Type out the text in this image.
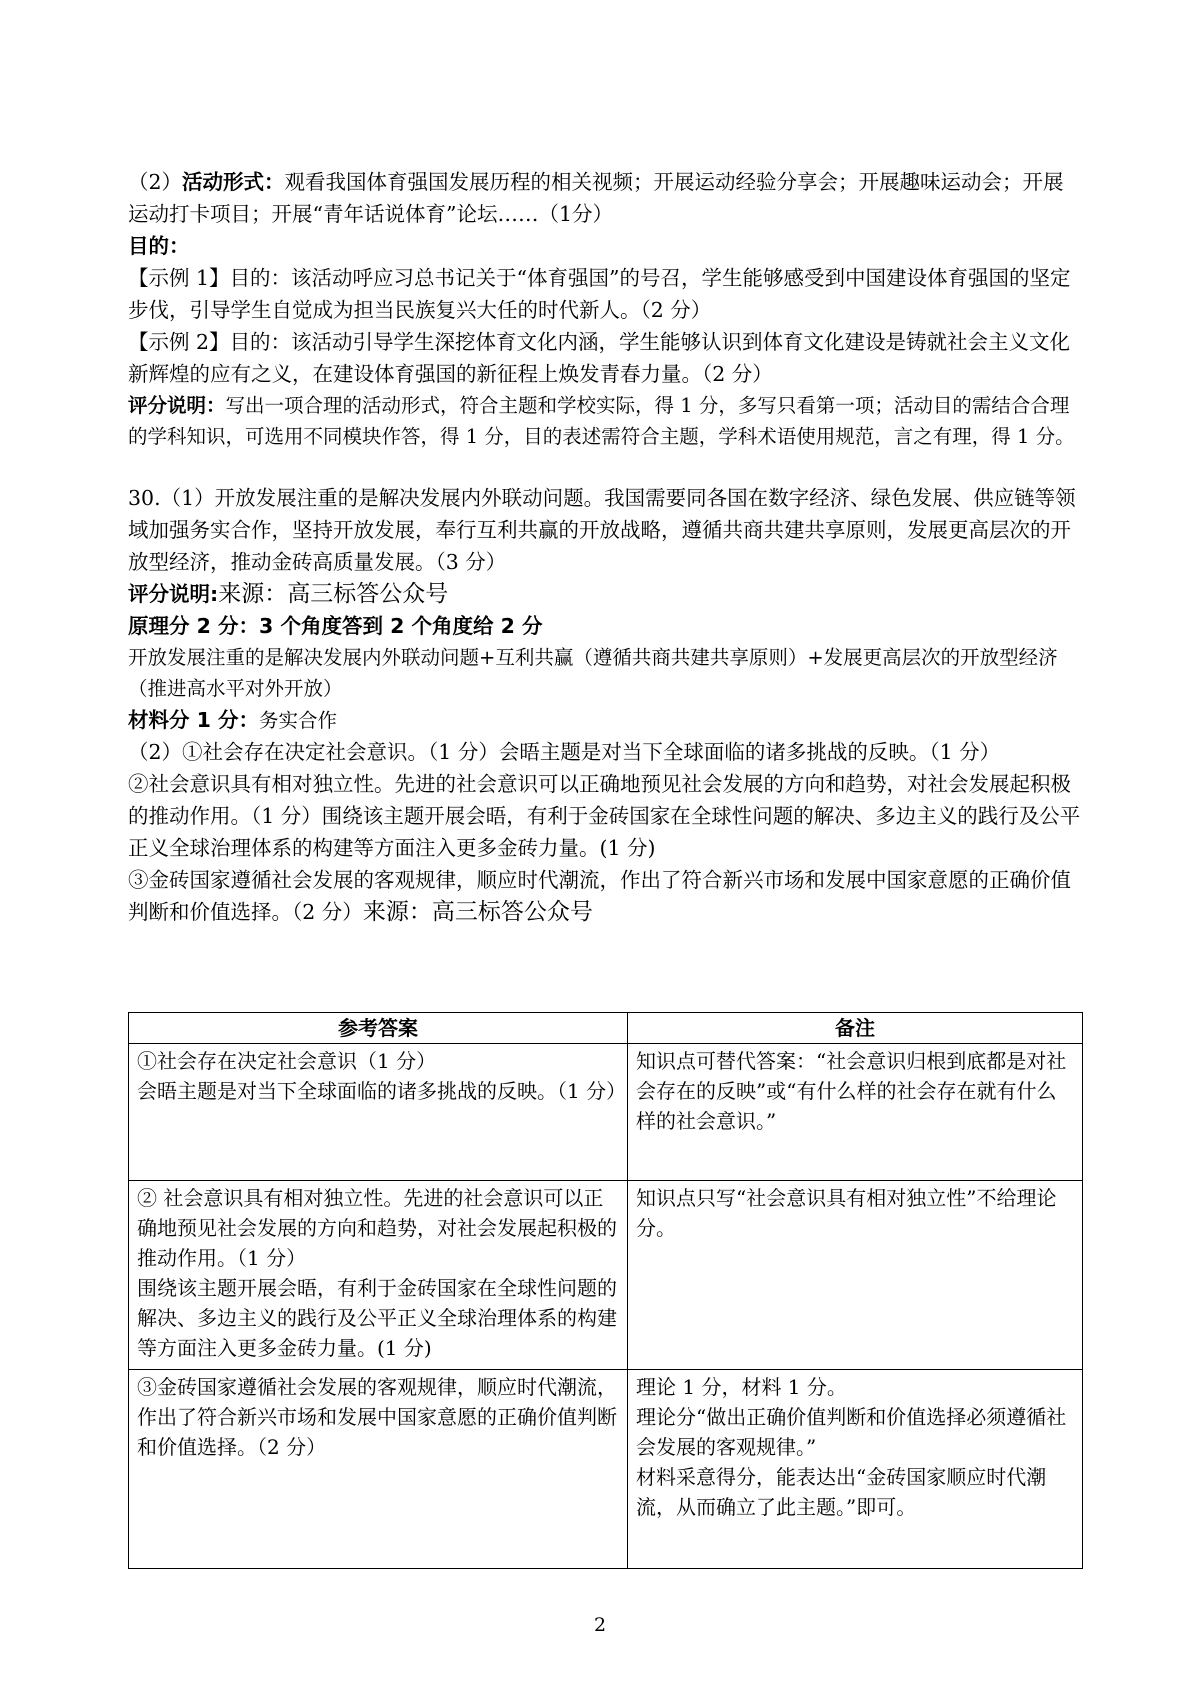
（2）活动形式：观看我国体育强国发展历程的相关视频；开展运动经验分享会；开展趣味运动会；开展运动打卡项目；开展“青年话说体育”论坛……（1分）

目的：

【示例 1】目的：该活动呼应习总书记关于“体育强国”的号召，学生能够感受到中国建设体育强国的坚定步伐，引导学生自觉成为担当民族复兴大任的时代新人。（2 分）

【示例 2】目的：该活动引导学生深挖体育文化内涵，学生能够认识到体育文化建设是铸就社会主义文化新辉煌的应有之义，在建设体育强国的新征程上焕发青春力量。（2 分）

评分说明：写出一项合理的活动形式，符合主题和学校实际，得 1 分，多写只看第一项；活动目的需结合合理的学科知识，可选用不同模块作答，得 1 分，目的表述需符合主题，学科术语使用规范，言之有理，得 1 分。

30.（1）开放发展注重的是解决发展内外联动问题。我国需要同各国在数字经济、绿色发展、供应链等领域加强务实合作，坚持开放发展，奉行互利共赢的开放战略，遵循共商共建共享原则，发展更高层次的开放型经济，推动金砖高质量发展。（3 分）

评分说明:来源：高三标答公众号

原理分 2 分：3 个角度答到 2 个角度给 2 分

开放发展注重的是解决发展内外联动问题+互利共赢（遵循共商共建共享原则）+发展更高层次的开放型经济（推进高水平对外开放）

材料分 1 分：务实合作

（2）①社会存在决定社会意识。（1 分）会晤主题是对当下全球面临的诸多挑战的反映。（1 分）

②社会意识具有相对独立性。先进的社会意识可以正确地预见社会发展的方向和趋势，对社会发展起积极的推动作用。（1 分）围绕该主题开展会晤，有利于金砖国家在全球性问题的解决、多边主义的践行及公平正义全球治理体系的构建等方面注入更多金砖力量。(1 分)

③金砖国家遵循社会发展的客观规律，顺应时代潮流，作出了符合新兴市场和发展中国家意愿的正确价值判断和价值选择。（2 分）来源：高三标答公众号

参考答案	备注

①社会存在决定社会意识（1 分）
会晤主题是对当下全球面临的诸多挑战的反映。（1 分）	知识点可替代答案：“社会意识归根到底都是对社会存在的反映”或“有什么样的社会存在就有什么样的社会意识。”

② 社会意识具有相对独立性。先进的社会意识可以正确地预见社会发展的方向和趋势，对社会发展起积极的推动作用。（1 分）
围绕该主题开展会晤，有利于金砖国家在全球性问题的解决、多边主义的践行及公平正义全球治理体系的构建等方面注入更多金砖力量。(1 分)	知识点只写“社会意识具有相对独立性”不给理论分。

③金砖国家遵循社会发展的客观规律，顺应时代潮流，作出了符合新兴市场和发展中国家意愿的正确价值判断和价值选择。（2 分）	理论 1 分，材料 1 分。
理论分“做出正确价值判断和价值选择必须遵循社会发展的客观规律。”
材料采意得分，能表达出“金砖国家顺应时代潮流，从而确立了此主题。”即可。
2
